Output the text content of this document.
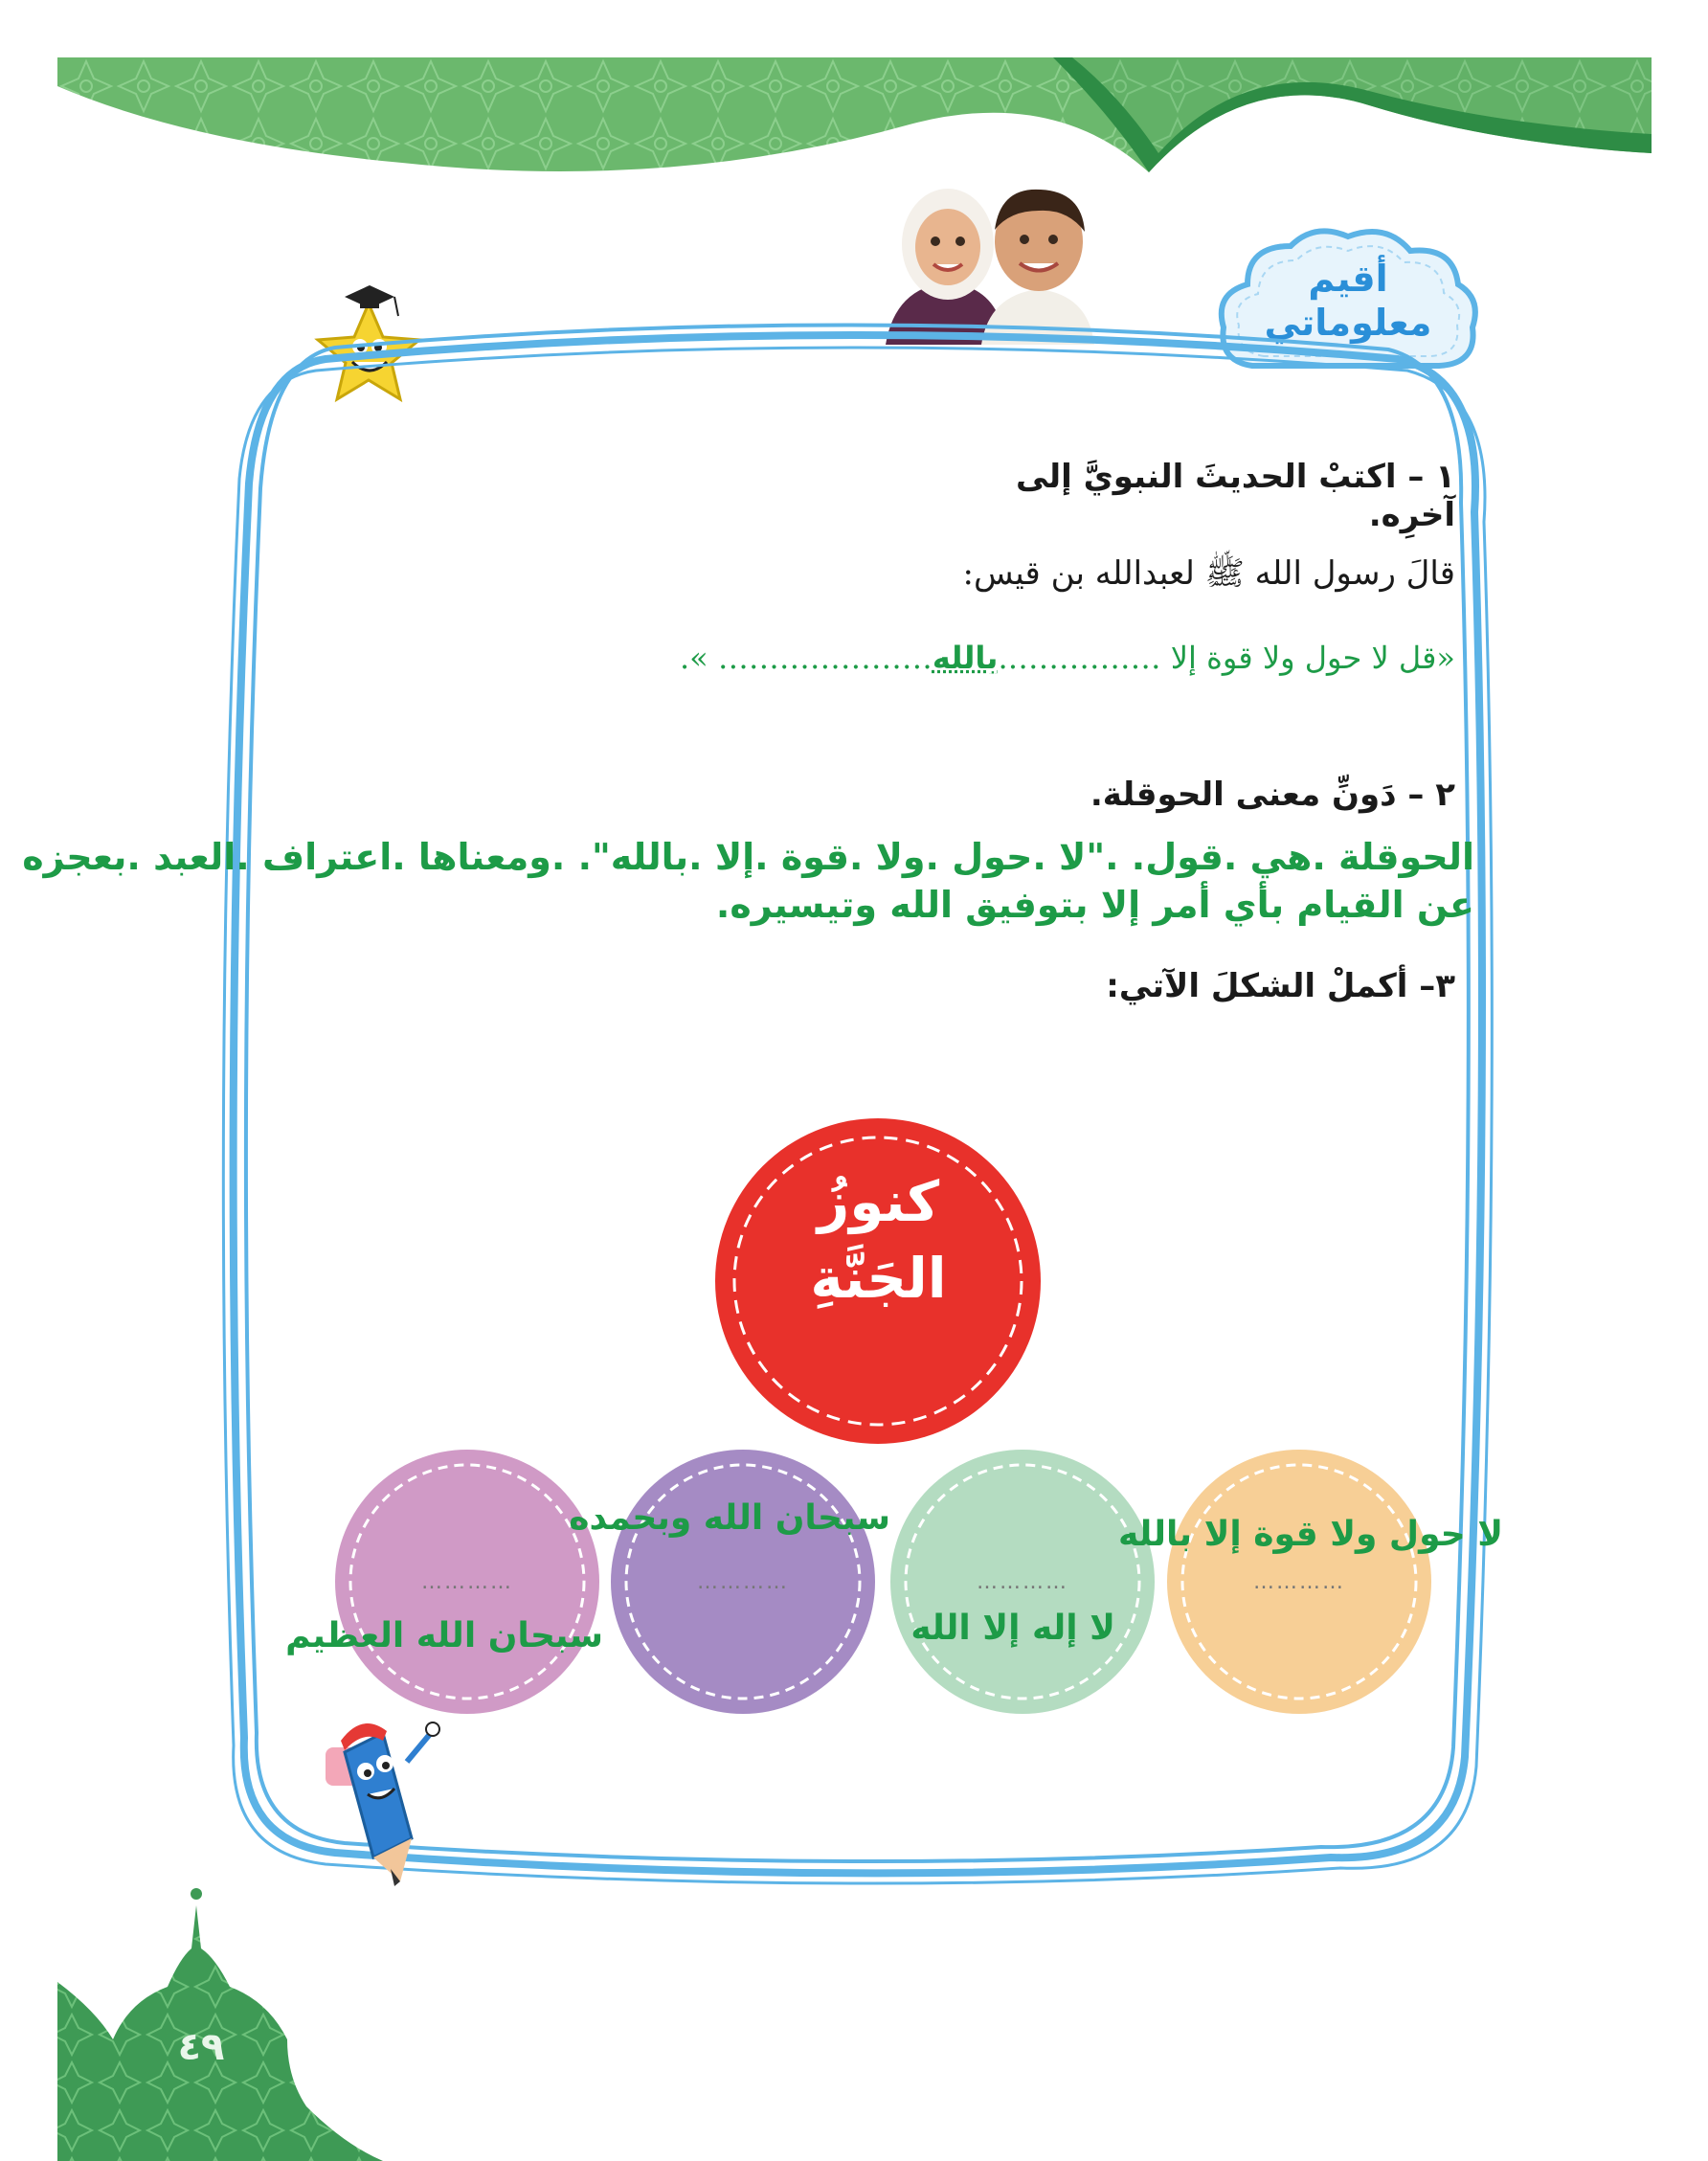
أقيم
معلوماتي
١ – اكتبْ الحديثَ النبويَّ إلى آخرِه.
قالَ رسول الله ﷺ لعبدالله بن قيس:
«قل لا حول ولا قوة إلا …………….بالله………………… ».
٢ – دَونِّ معنى الحوقلة.
الحوقلة .هي .قول. ."لا .حول .ولا .قوة .إلا .بالله". .ومعناها .اعتراف .العبد .بعجزه
عن القيام بأي أمر إلا بتوفيق الله وتيسيره.
٣– أكملْ الشكلَ الآتي:
كنوزُ
الجَنَّةِ
…………
…………
…………
…………
لا حول ولا قوة إلا بالله
لا إله إلا الله
سبحان الله وبحمده
سبحان الله العظيم
٤٩
